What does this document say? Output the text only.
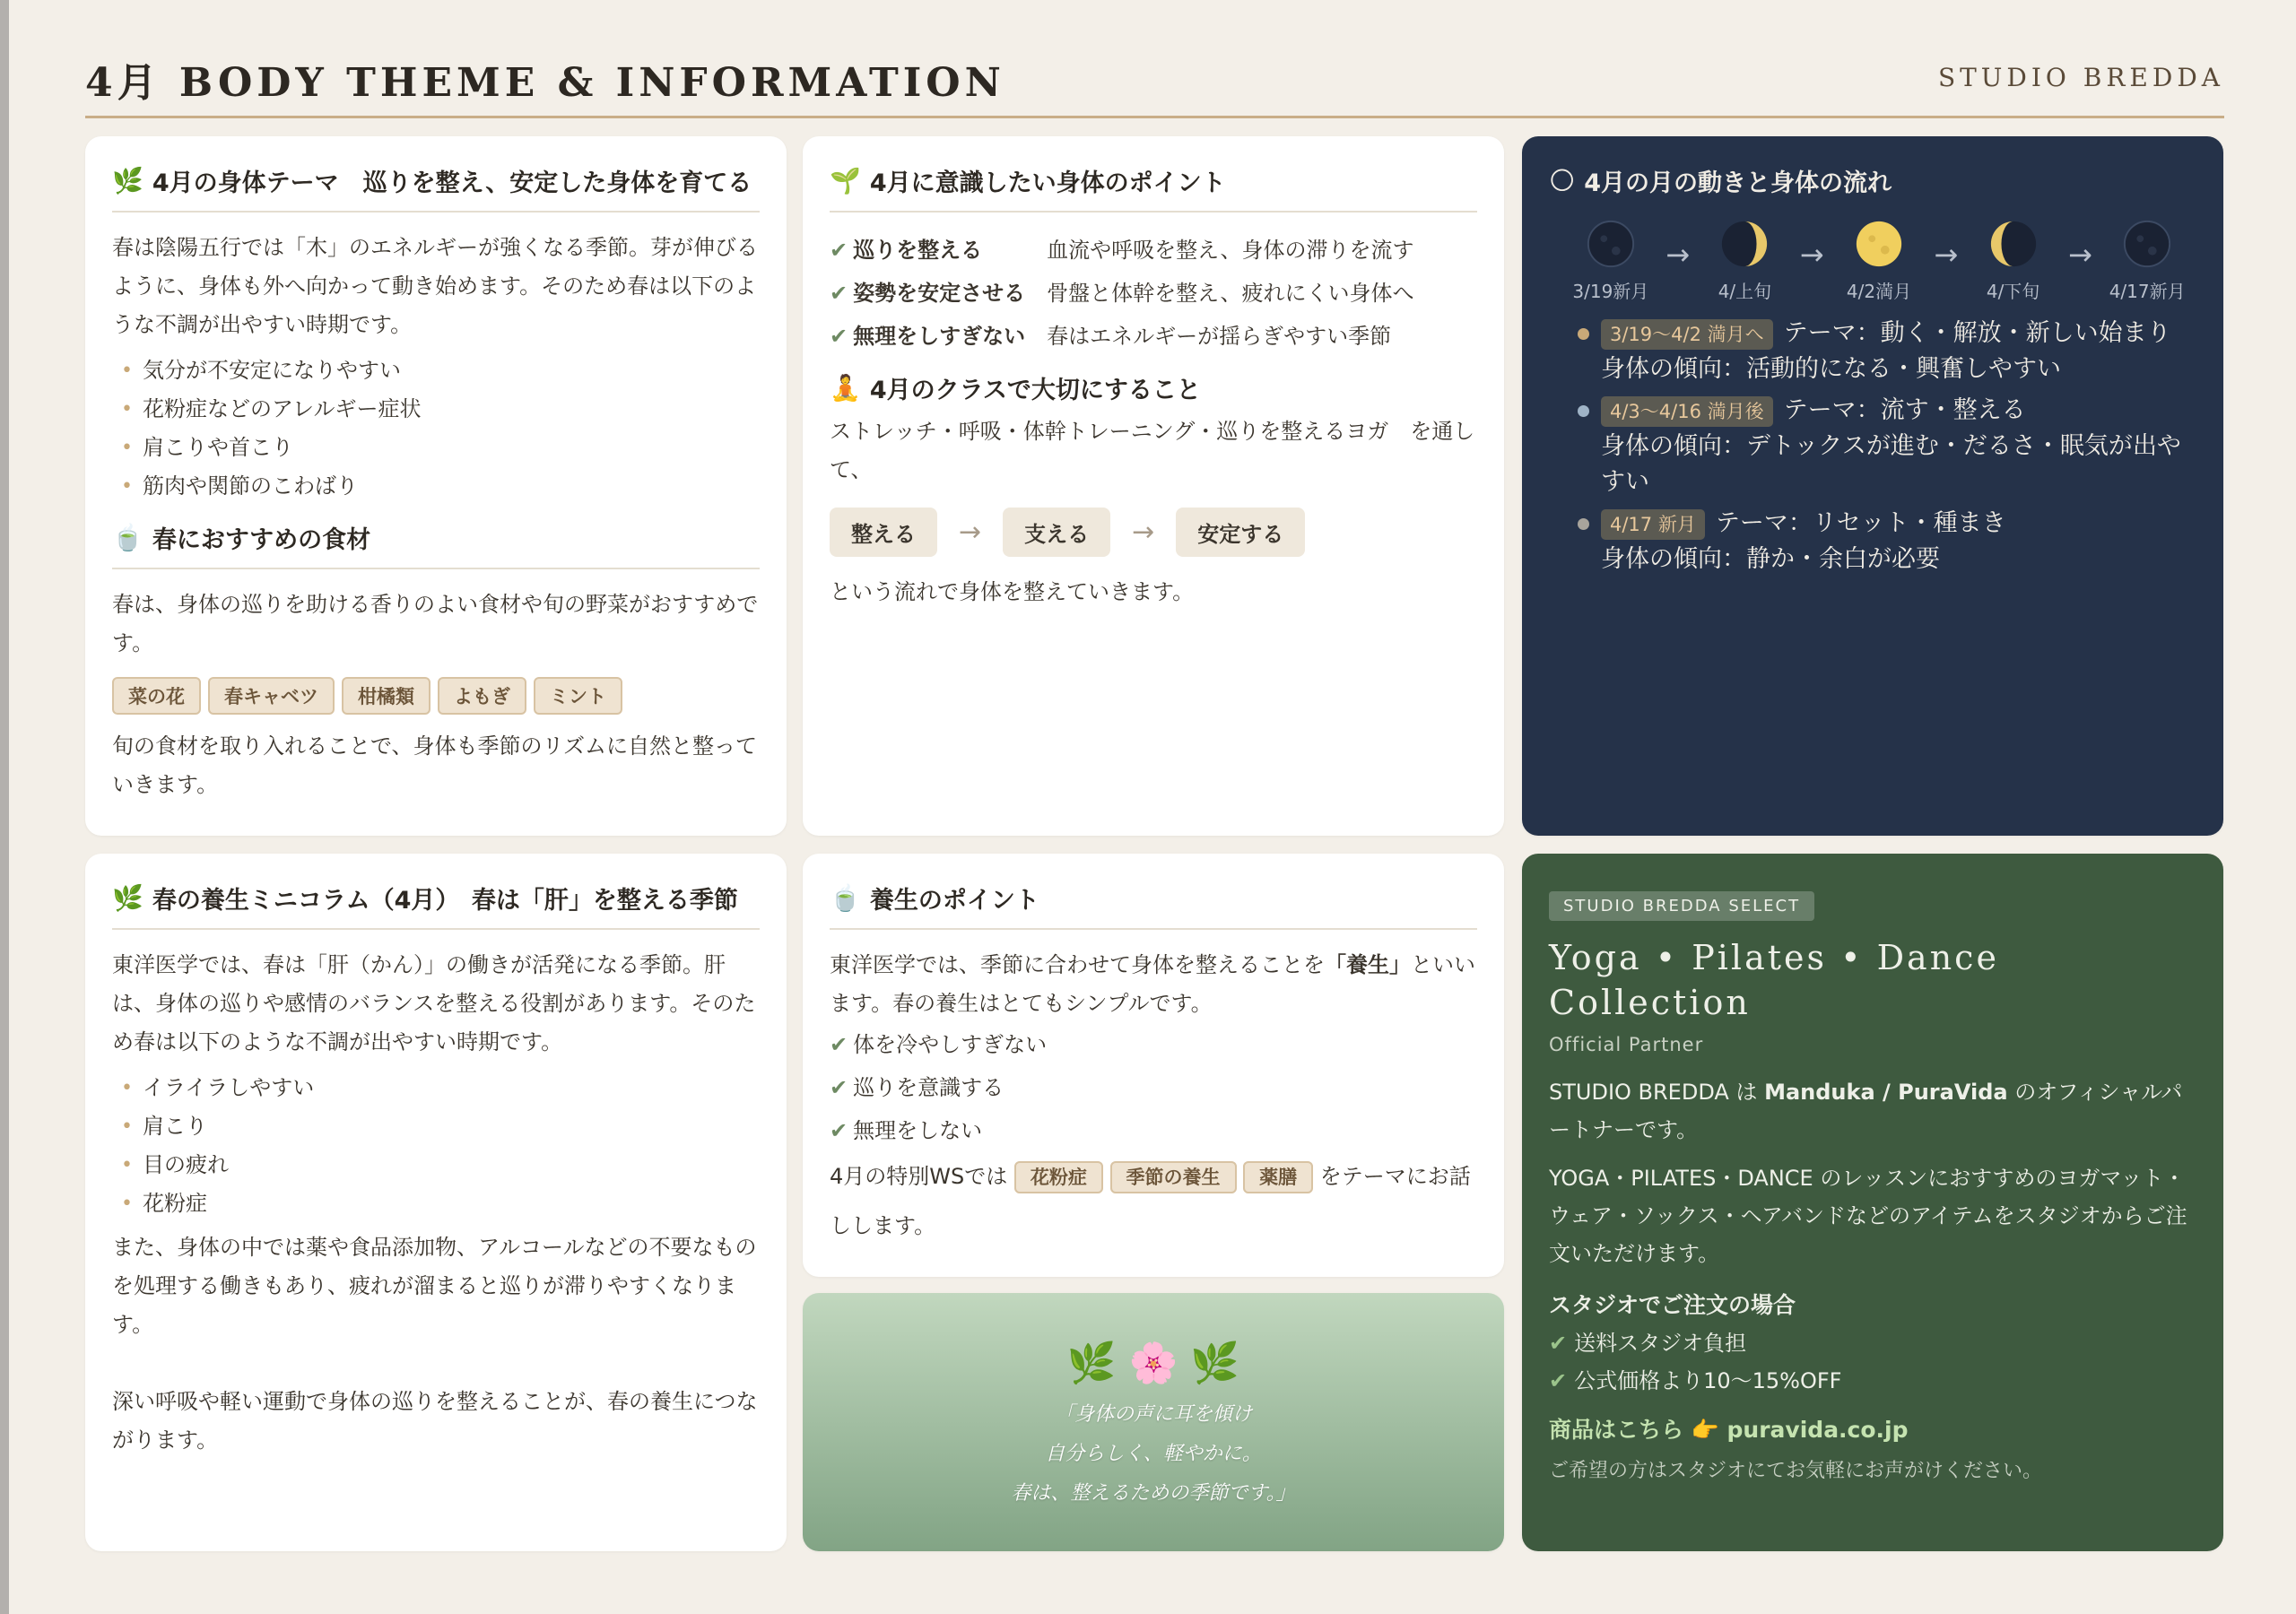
4月 BODY THEME & INFORMATION	STUDIO BREDDA
🌿 4月の身体テーマ　巡りを整え、安定した身体を育てる
春は陰陽五行では「木」のエネルギーが強くなる季節。芽が伸びるように、身体も外へ向かって動き始めます。そのため春は以下のような不調が出やすい時期です。
• 気分が不安定になりやすい
• 花粉症などのアレルギー症状
• 肩こりや首こり
• 筋肉や関節のこわばり
🍵 春におすすめの食材
春は、身体の巡りを助ける香りのよい食材や旬の野菜がおすすめです。
菜の花	春キャベツ	柑橘類	よもぎ	ミント
旬の食材を取り入れることで、身体も季節のリズムに自然と整っていきます。
🌱 4月に意識したい身体のポイント
✔ 巡りを整える	血流や呼吸を整え、身体の滞りを流す
✔ 姿勢を安定させる 骨盤と体幹を整え、疲れにくい身体へ
✔ 無理をしすぎない 春はエネルギーが揺らぎやすい季節
🧘 4月のクラスで大切にすること
ストレッチ・呼吸・体幹トレーニング・巡りを整えるヨガ　を通して、
整える	→	支える	→	安定する
という流れで身体を整えていきます。
🌕 4月の月の動きと身体の流れ
3/19新月
→
4/上旬
→
4/2満月
→
4/下旬
→
4/17新月
3/19〜4/2 満月へ テーマ：動く・解放・新しい始まり
身体の傾向：活動的になる・興奮しやすい
4/3〜4/16 満月後 テーマ：流す・整える
身体の傾向：デトックスが進む・だるさ・眠気が出やすい
4/17 新月 テーマ：リセット・種まき
身体の傾向：静か・余白が必要
🌿 春の養生ミニコラム（4月）　春は「肝」を整える季節
東洋医学では、春は「肝（かん）」の働きが活発になる季節。肝は、身体の巡りや感情のバランスを整える役割があります。そのため春は以下のような不調が出やすい時期です。
• イライラしやすい
• 肩こり
• 目の疲れ
• 花粉症
また、身体の中では薬や食品添加物、アルコールなどの不要なものを処理する働きもあり、疲れが溜まると巡りが滞りやすくなります。
深い呼吸や軽い運動で身体の巡りを整えることが、春の養生につながります。
🍵 養生のポイント
東洋医学では、季節に合わせて身体を整えることを「養生」といいます。春の養生はとてもシンプルです。
✔ 体を冷やしすぎない
✔ 巡りを意識する
✔ 無理をしない
4月の特別WSでは 花粉症 季節の養生 薬膳 をテーマにお話しします。
🌿 🌸 🌿
「身体の声に耳を傾け
自分らしく、軽やかに。
春は、整えるための季節です。」
STUDIO BREDDA SELECT
Yoga • Pilates • Dance
Collection
Official Partner
STUDIO BREDDA は Manduka / PuraVida のオフィシャルパートナーです。
YOGA・PILATES・DANCE のレッスンにおすすめのヨガマット・ウェア・ソックス・ヘアバンドなどのアイテムをスタジオからご注文いただけます。
スタジオでご注文の場合
✔ 送料スタジオ負担
✔ 公式価格より10〜15%OFF
商品はこちら 👉 puravida.co.jp
ご希望の方はスタジオにてお気軽にお声がけください。
